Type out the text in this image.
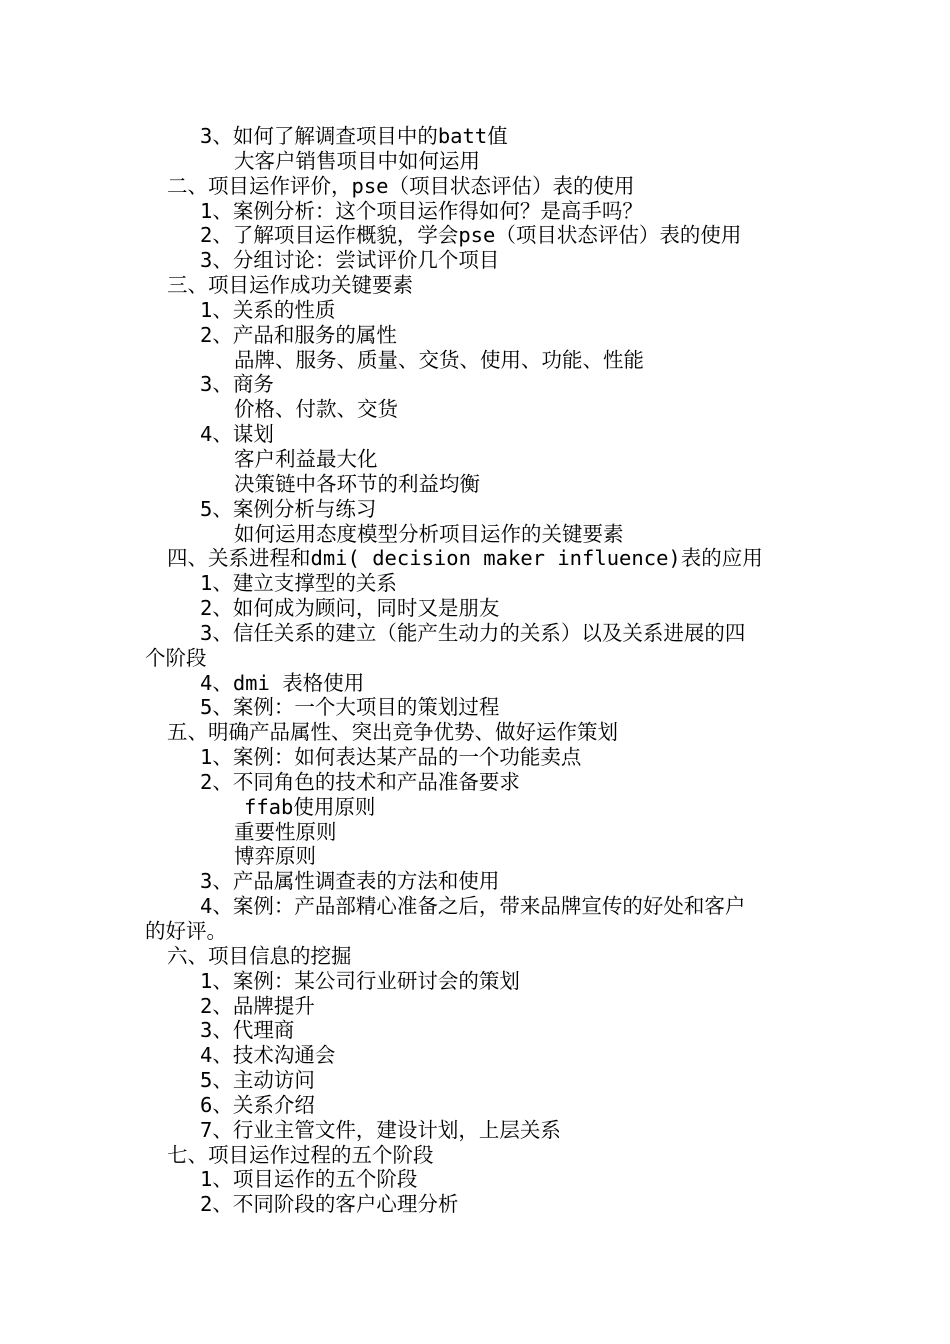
3、如何了解调查项目中的batt值
大客户销售项目中如何运用
二、项目运作评价，pse（项目状态评估）表的使用
1、案例分析：这个项目运作得如何？是高手吗？
2、了解项目运作概貌，学会pse（项目状态评估）表的使用
3、分组讨论：尝试评价几个项目
三、项目运作成功关键要素
1、关系的性质
2、产品和服务的属性
品牌、服务、质量、交货、使用、功能、性能
3、商务
价格、付款、交货
4、谋划
客户利益最大化
决策链中各环节的利益均衡
5、案例分析与练习
如何运用态度模型分析项目运作的关键要素
四、关系进程和dmi( decision maker influence)表的应用
1、建立支撑型的关系
2、如何成为顾问，同时又是朋友
3、信任关系的建立（能产生动力的关系）以及关系进展的四
个阶段
4、dmi 表格使用
5、案例：一个大项目的策划过程
五、明确产品属性、突出竞争优势、做好运作策划
1、案例：如何表达某产品的一个功能卖点
2、不同角色的技术和产品准备要求
ffab使用原则
重要性原则
博弈原则
3、产品属性调查表的方法和使用
4、案例：产品部精心准备之后，带来品牌宣传的好处和客户
的好评。
六、项目信息的挖掘
1、案例：某公司行业研讨会的策划
2、品牌提升
3、代理商
4、技术沟通会
5、主动访问
6、关系介绍
7、行业主管文件，建设计划，上层关系
七、项目运作过程的五个阶段
1、项目运作的五个阶段
2、不同阶段的客户心理分析
